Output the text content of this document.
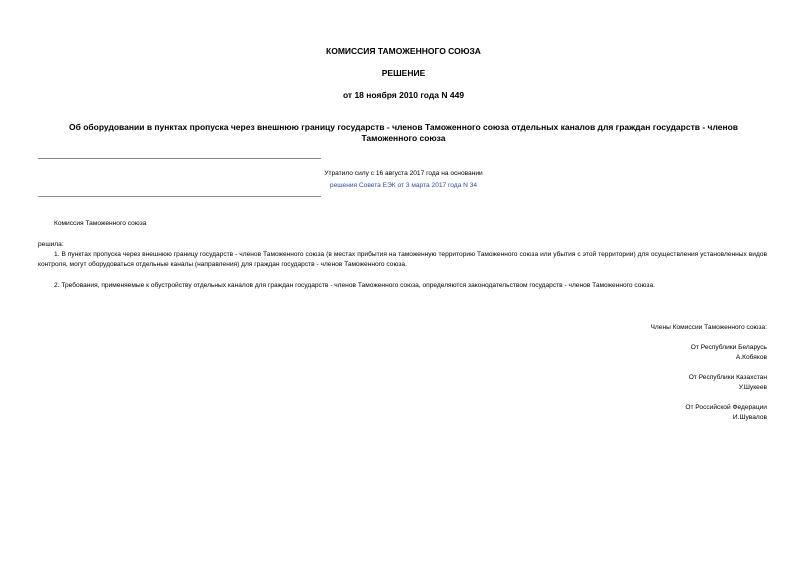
КОМИССИЯ ТАМОЖЕННОГО СОЮЗА
РЕШЕНИЕ
от 18 ноября 2010 года N 449
Об оборудовании в пунктах пропуска через внешнюю границу государств - членов Таможенного союза отдельных каналов для граждан государств - членов Таможенного союза
Утратило силу с 16 августа 2017 года на основании
решения Совета ЕЭК от 3 марта 2017 года N 34
Комиссия Таможенного союза
решила:
1. В пунктах пропуска через внешнюю границу государств - членов Таможенного союза (в местах прибытия на таможенную территорию Таможенного союза или убытия с этой территории) для осуществления установленных видов контроля, могут оборудоваться отдельные каналы (направления) для граждан государств - членов Таможенного союза.
2. Требования, применяемые к обустройству отдельных каналов для граждан государств - членов Таможенного союза, определяются законодательством государств - членов Таможенного союза.
Члены Комиссии Таможенного союза:
От Республики Беларусь
А.Кобяков
От Республики Казахстан
У.Шукеев
От Российской Федерации
И.Шувалов
